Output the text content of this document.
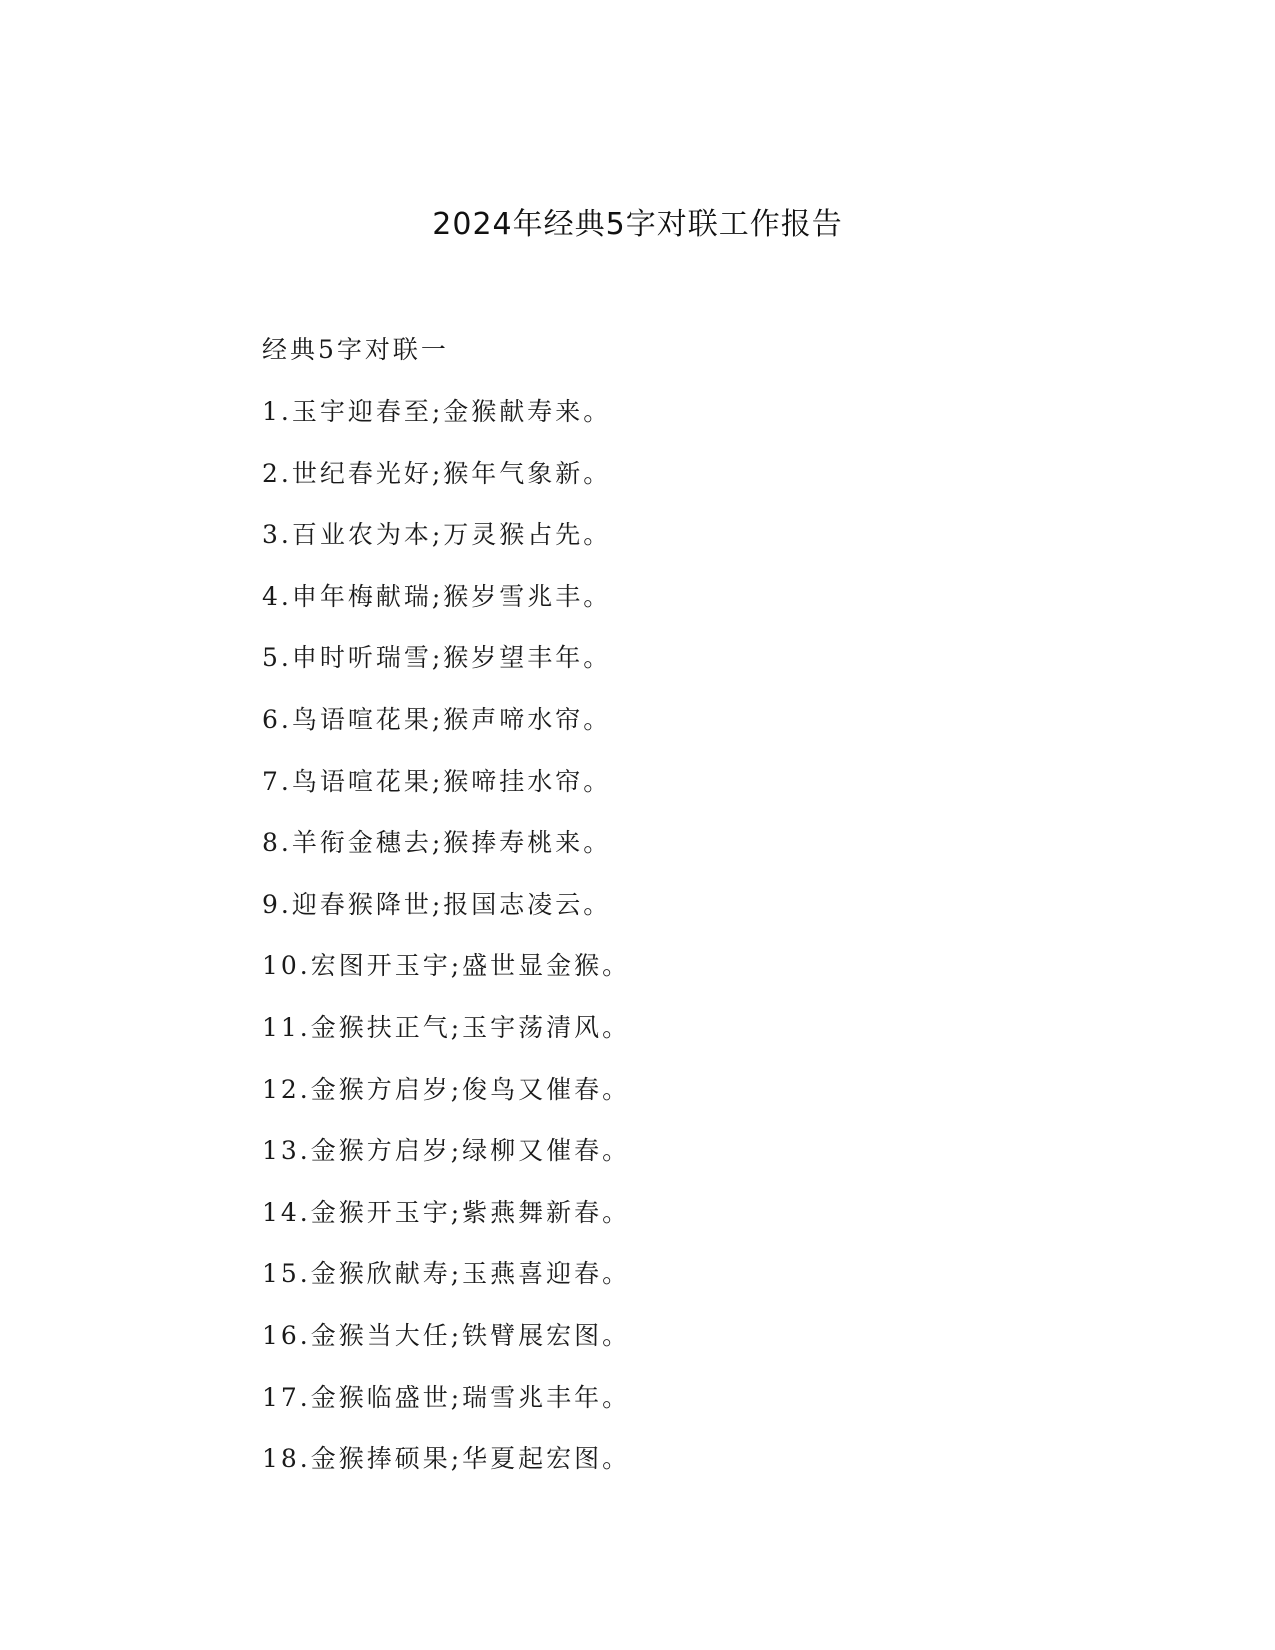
2024年经典5字对联工作报告
经典5字对联一
1.玉宇迎春至;金猴献寿来。
2.世纪春光好;猴年气象新。
3.百业农为本;万灵猴占先。
4.申年梅献瑞;猴岁雪兆丰。
5.申时听瑞雪;猴岁望丰年。
6.鸟语喧花果;猴声啼水帘。
7.鸟语喧花果;猴啼挂水帘。
8.羊衔金穗去;猴捧寿桃来。
9.迎春猴降世;报国志凌云。
10.宏图开玉宇;盛世显金猴。
11.金猴扶正气;玉宇荡清风。
12.金猴方启岁;俊鸟又催春。
13.金猴方启岁;绿柳又催春。
14.金猴开玉宇;紫燕舞新春。
15.金猴欣献寿;玉燕喜迎春。
16.金猴当大任;铁臂展宏图。
17.金猴临盛世;瑞雪兆丰年。
18.金猴捧硕果;华夏起宏图。
